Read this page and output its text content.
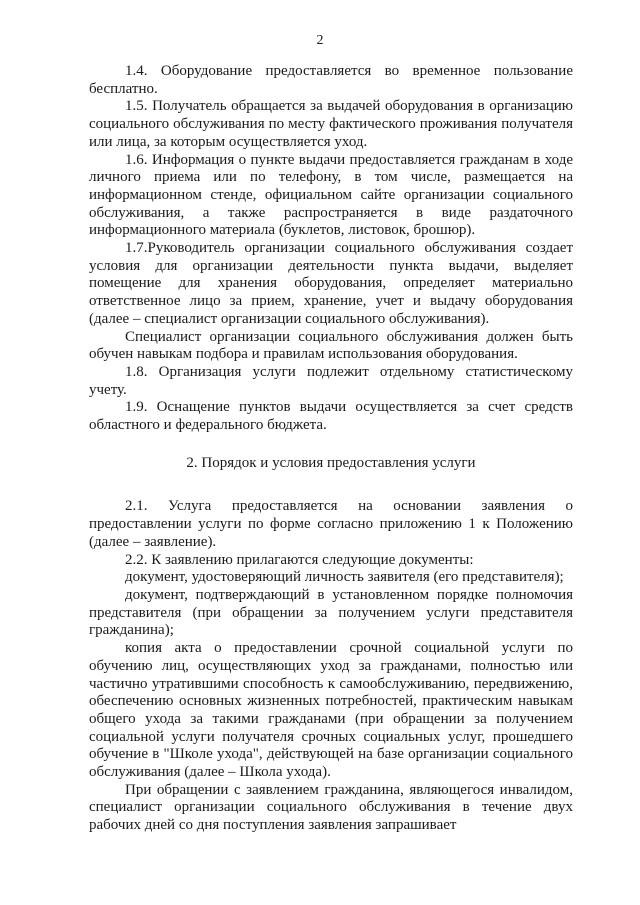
2

1.4. Оборудование предоставляется во временное пользование бесплатно.

1.5. Получатель обращается за выдачей оборудования в организацию социального обслуживания по месту фактического проживания получателя или лица, за которым осуществляется уход.

1.6. Информация о пункте выдачи предоставляется гражданам в ходе личного приема или по телефону, в том числе, размещается на информационном стенде, официальном сайте организации социального обслуживания, а также распространяется в виде раздаточного информационного материала (буклетов, листовок, брошюр).

1.7.Руководитель организации социального обслуживания создает условия для организации деятельности пункта выдачи, выделяет помещение для хранения оборудования, определяет материально ответственное лицо за прием, хранение, учет и выдачу оборудования (далее – специалист организации социального обслуживания).

Специалист организации социального обслуживания должен быть обучен навыкам подбора и правилам использования оборудования.

1.8. Организация услуги подлежит отдельному статистическому учету.

1.9. Оснащение пунктов выдачи осуществляется за счет средств областного и федерального бюджета.

2. Порядок и условия предоставления услуги

2.1. Услуга предоставляется на основании заявления о предоставлении услуги по форме согласно приложению 1 к Положению (далее – заявление).

2.2. К заявлению прилагаются следующие документы:

документ, удостоверяющий личность заявителя (его представителя);

документ, подтверждающий в установленном порядке полномочия представителя (при обращении за получением услуги представителя гражданина);

копия акта о предоставлении срочной социальной услуги по обучению лиц, осуществляющих уход за гражданами, полностью или частично утратившими способность к самообслуживанию, передвижению, обеспечению основных жизненных потребностей, практическим навыкам общего ухода за такими гражданами (при обращении за получением социальной услуги получателя срочных социальных услуг, прошедшего обучение в "Школе ухода", действующей на базе организации социального обслуживания (далее – Школа ухода).

При обращении с заявлением гражданина, являющегося инвалидом, специалист организации социального обслуживания в течение двух рабочих дней со дня поступления заявления запрашивает
